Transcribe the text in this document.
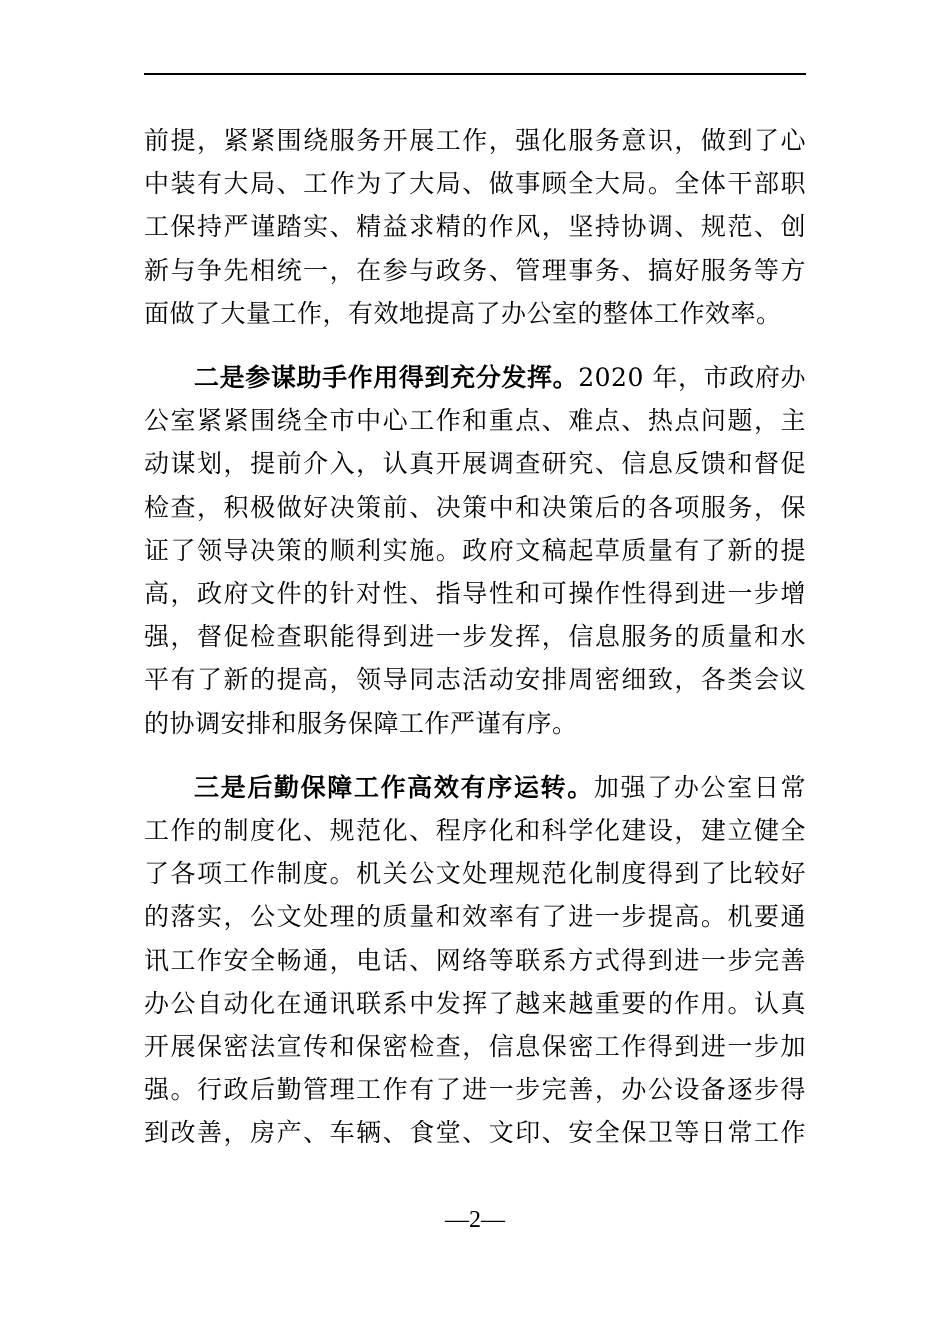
前提，紧紧围绕服务开展工作，强化服务意识，做到了心

中装有大局、工作为了大局、做事顾全大局。全体干部职

工保持严谨踏实、精益求精的作风，坚持协调、规范、创

新与争先相统一，在参与政务、管理事务、搞好服务等方

面做了大量工作，有效地提高了办公室的整体工作效率。

二是参谋助手作用得到充分发挥。2020 年，市政府办

公室紧紧围绕全市中心工作和重点、难点、热点问题，主

动谋划，提前介入，认真开展调查研究、信息反馈和督促

检查，积极做好决策前、决策中和决策后的各项服务，保

证了领导决策的顺利实施。政府文稿起草质量有了新的提

高，政府文件的针对性、指导性和可操作性得到进一步增

强，督促检查职能得到进一步发挥，信息服务的质量和水

平有了新的提高，领导同志活动安排周密细致，各类会议

的协调安排和服务保障工作严谨有序。

三是后勤保障工作高效有序运转。加强了办公室日常

工作的制度化、规范化、程序化和科学化建设，建立健全

了各项工作制度。机关公文处理规范化制度得到了比较好

的落实，公文处理的质量和效率有了进一步提高。机要通

讯工作安全畅通，电话、网络等联系方式得到进一步完善

办公自动化在通讯联系中发挥了越来越重要的作用。认真

开展保密法宣传和保密检查，信息保密工作得到进一步加

强。行政后勤管理工作有了进一步完善，办公设备逐步得

到改善，房产、车辆、食堂、文印、安全保卫等日常工作

—2—
